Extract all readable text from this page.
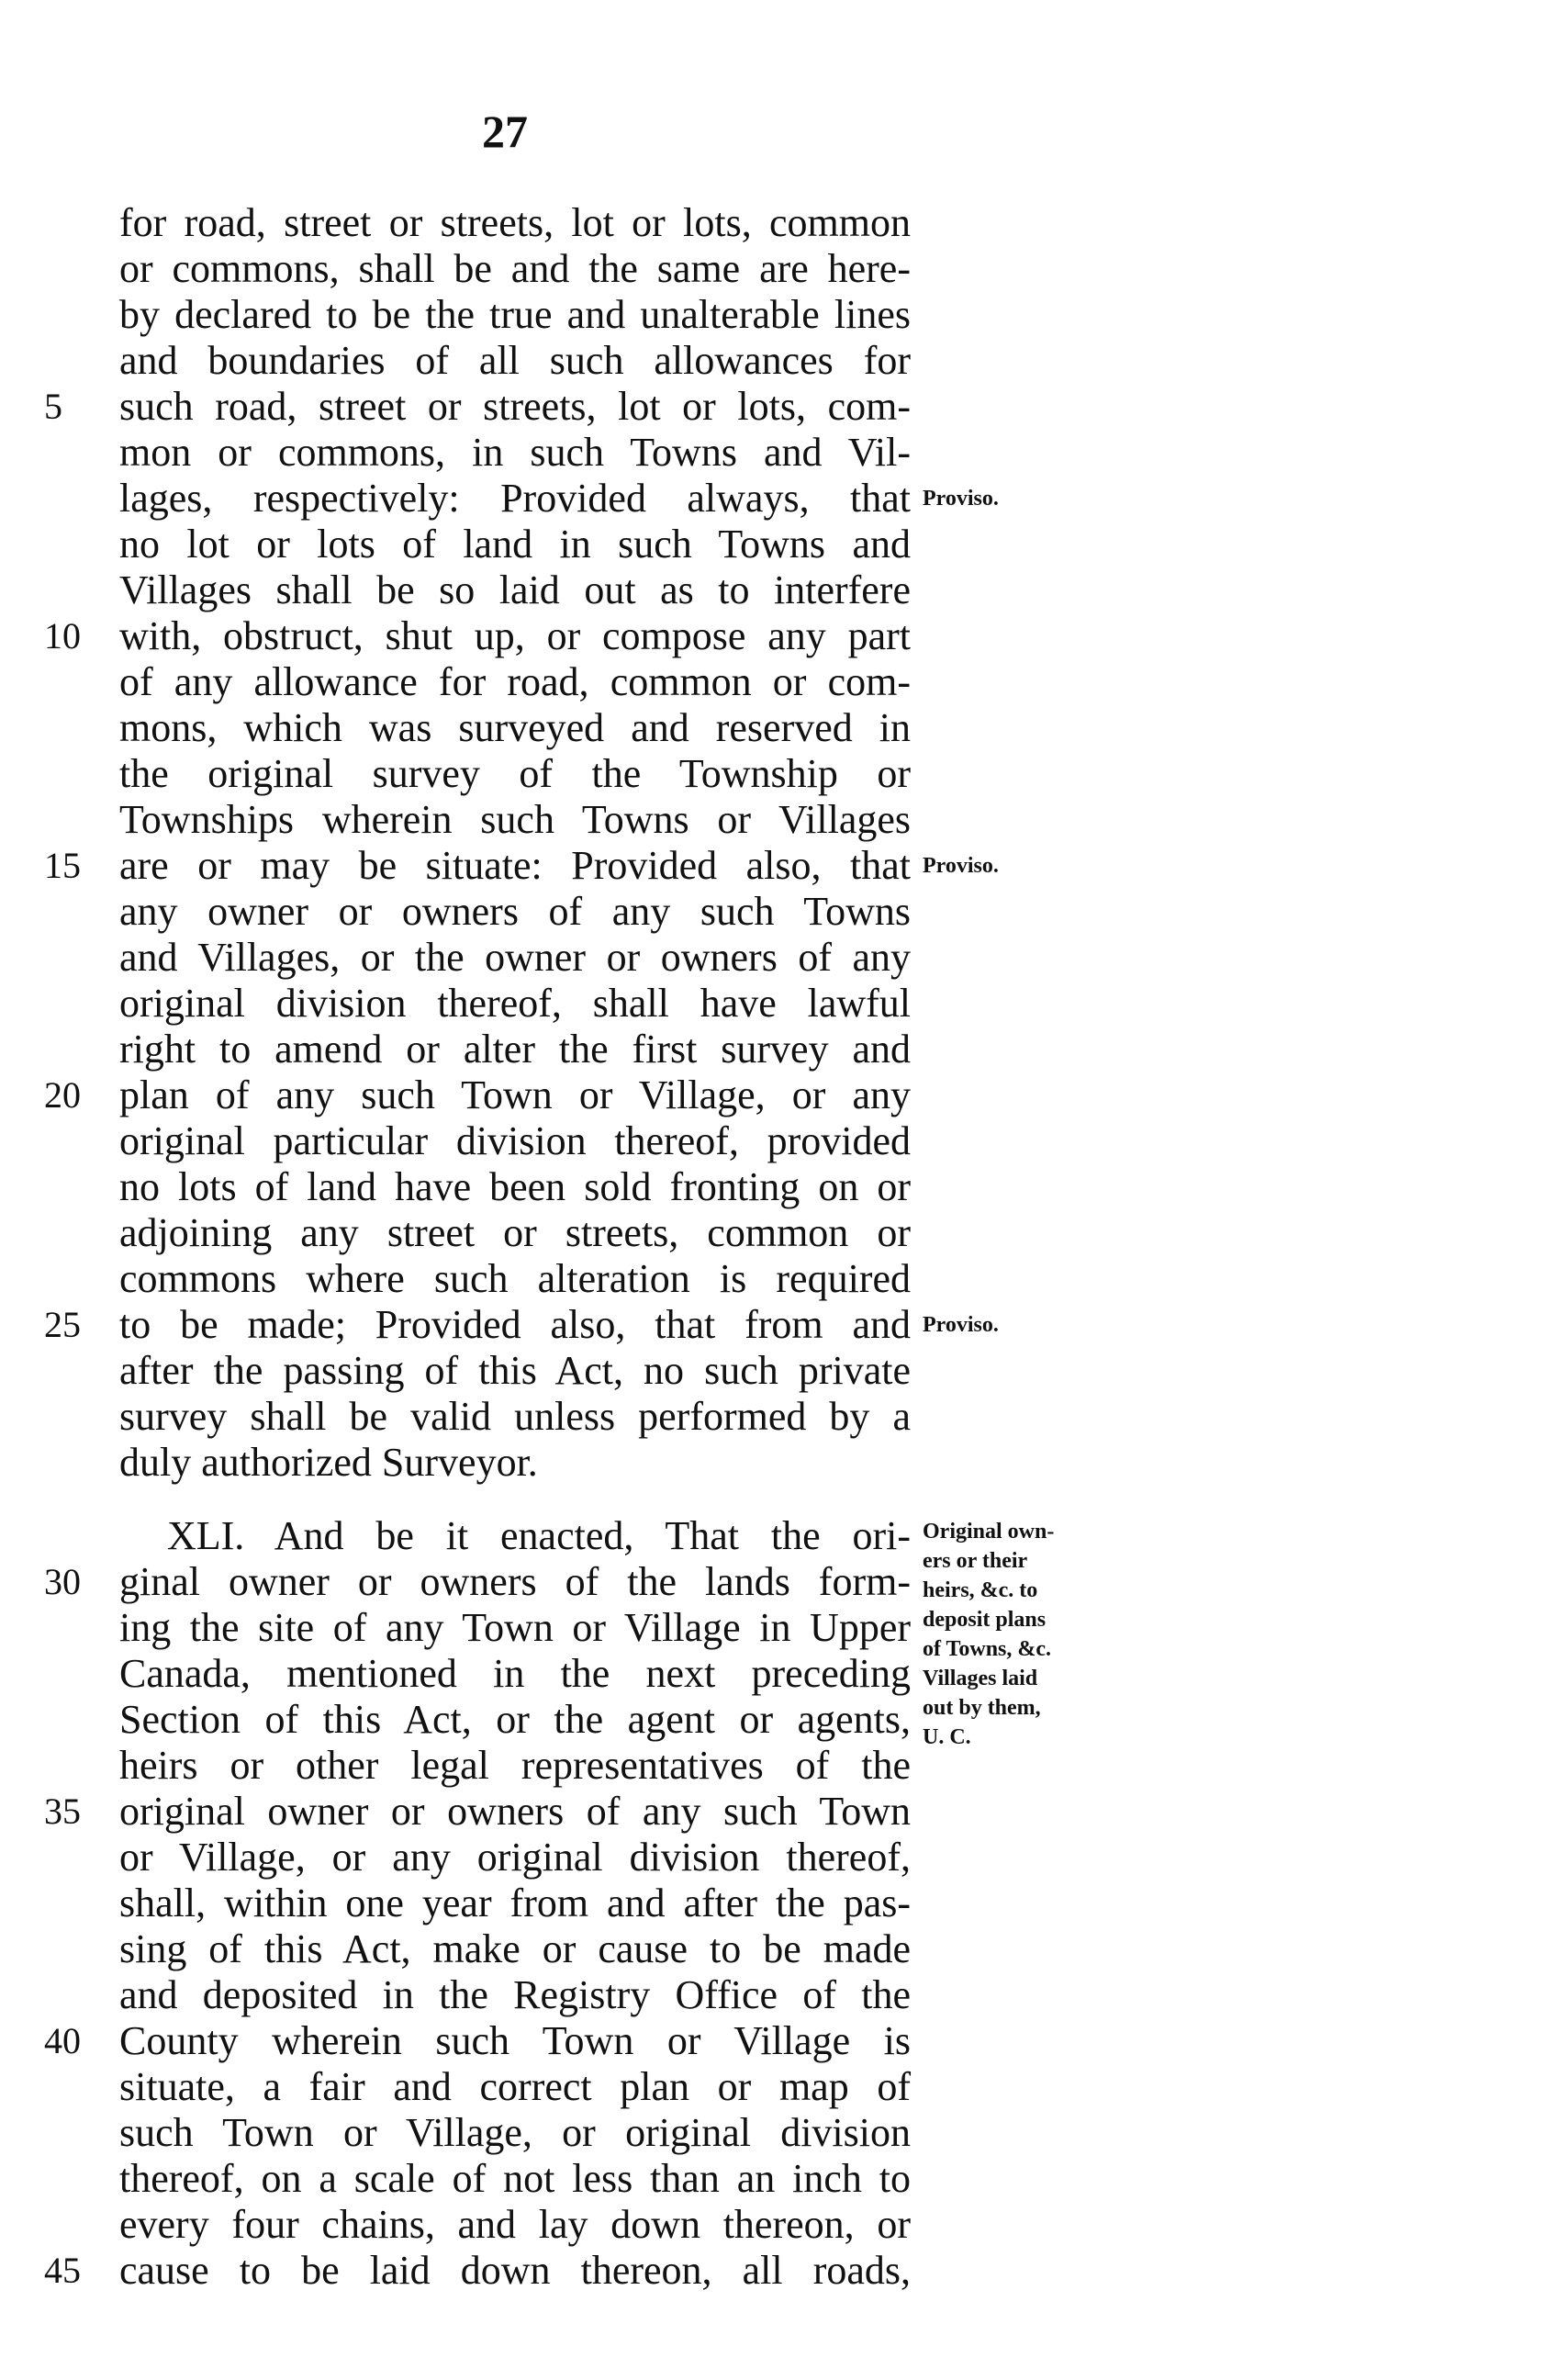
27
for road, street or streets, lot or lots, common
or commons, shall be and the same are here-
by declared to be the true and unalterable lines
and boundaries of all such allowances for
5	such road, street or streets, lot or lots, com-
mon or commons, in such Towns and Vil-
lages, respectively: Provided always, that
no lot or lots of land in such Towns and
Villages shall be so laid out as to interfere
10 with, obstruct, shut up, or compose any part
of any allowance for road, common or com-
mons, which was surveyed and reserved in
the original survey of the Township or
Townships wherein such Towns or Villages
15 are or may be situate: Provided also, that
any owner or owners of any such Towns
and Villages, or the owner or owners of any
original division thereof, shall have lawful
right to amend or alter the first survey and
20 plan of any such Town or Village, or any
original particular division thereof, provided
no lots of land have been sold fronting on or
adjoining any street or streets, common or
commons where such alteration is required
25 to be made; Provided also, that from and
after the passing of this Act, no such private
survey shall be valid unless performed by a
duly authorized Surveyor.
XLI. And be it enacted, That the ori-
30 ginal owner or owners of the lands form-
ing the site of any Town or Village in Upper
Canada, mentioned in the next preceding
Section of this Act, or the agent or agents,
heirs or other legal representatives of the
35 original owner or owners of any such Town
or Village, or any original division thereof,
shall, within one year from and after the pas-
sing of this Act, make or cause to be made
and deposited in the Registry Office of the
40 County wherein such Town or Village is
situate, a fair and correct plan or map of
such Town or Village, or original division
thereof, on a scale of not less than an inch to
every four chains, and lay down thereon, or
45 cause to be laid down thereon, all roads,
Proviso.
Proviso.
Proviso.
Original own-
ers or their
heirs, &c. to
deposit plans
of Towns, &c.
Villages laid
out by them,
U. C.
